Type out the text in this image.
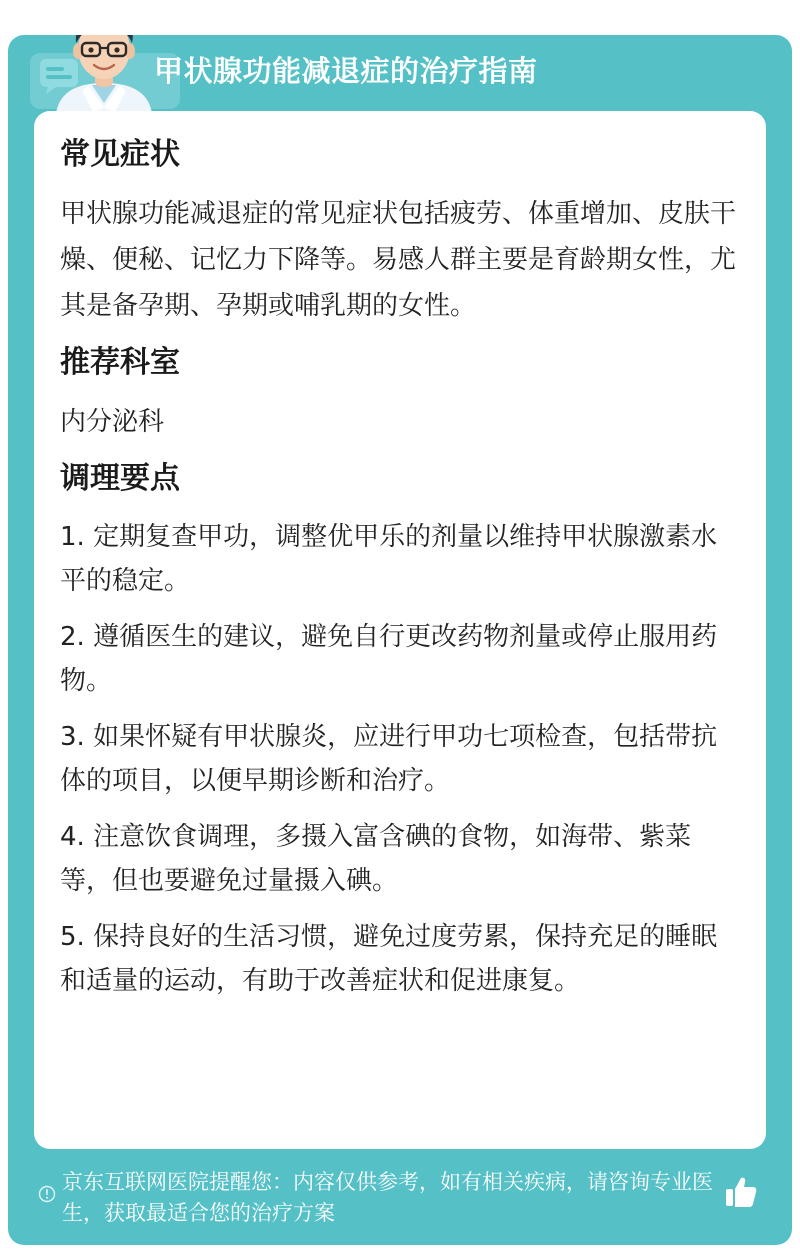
甲状腺功能减退症的治疗指南
常见症状
甲状腺功能减退症的常见症状包括疲劳、体重增加、皮肤干燥、便秘、记忆力下降等。易感人群主要是育龄期女性，尤其是备孕期、孕期或哺乳期的女性。
推荐科室
内分泌科
调理要点
1. 定期复查甲功，调整优甲乐的剂量以维持甲状腺激素水平的稳定。
2. 遵循医生的建议，避免自行更改药物剂量或停止服用药物。
3. 如果怀疑有甲状腺炎，应进行甲功七项检查，包括带抗体的项目，以便早期诊断和治疗。
4. 注意饮食调理，多摄入富含碘的食物，如海带、紫菜等，但也要避免过量摄入碘。
5. 保持良好的生活习惯，避免过度劳累，保持充足的睡眠和适量的运动，有助于改善症状和促进康复。
京东互联网医院提醒您：内容仅供参考，如有相关疾病，请咨询专业医生，获取最适合您的治疗方案
